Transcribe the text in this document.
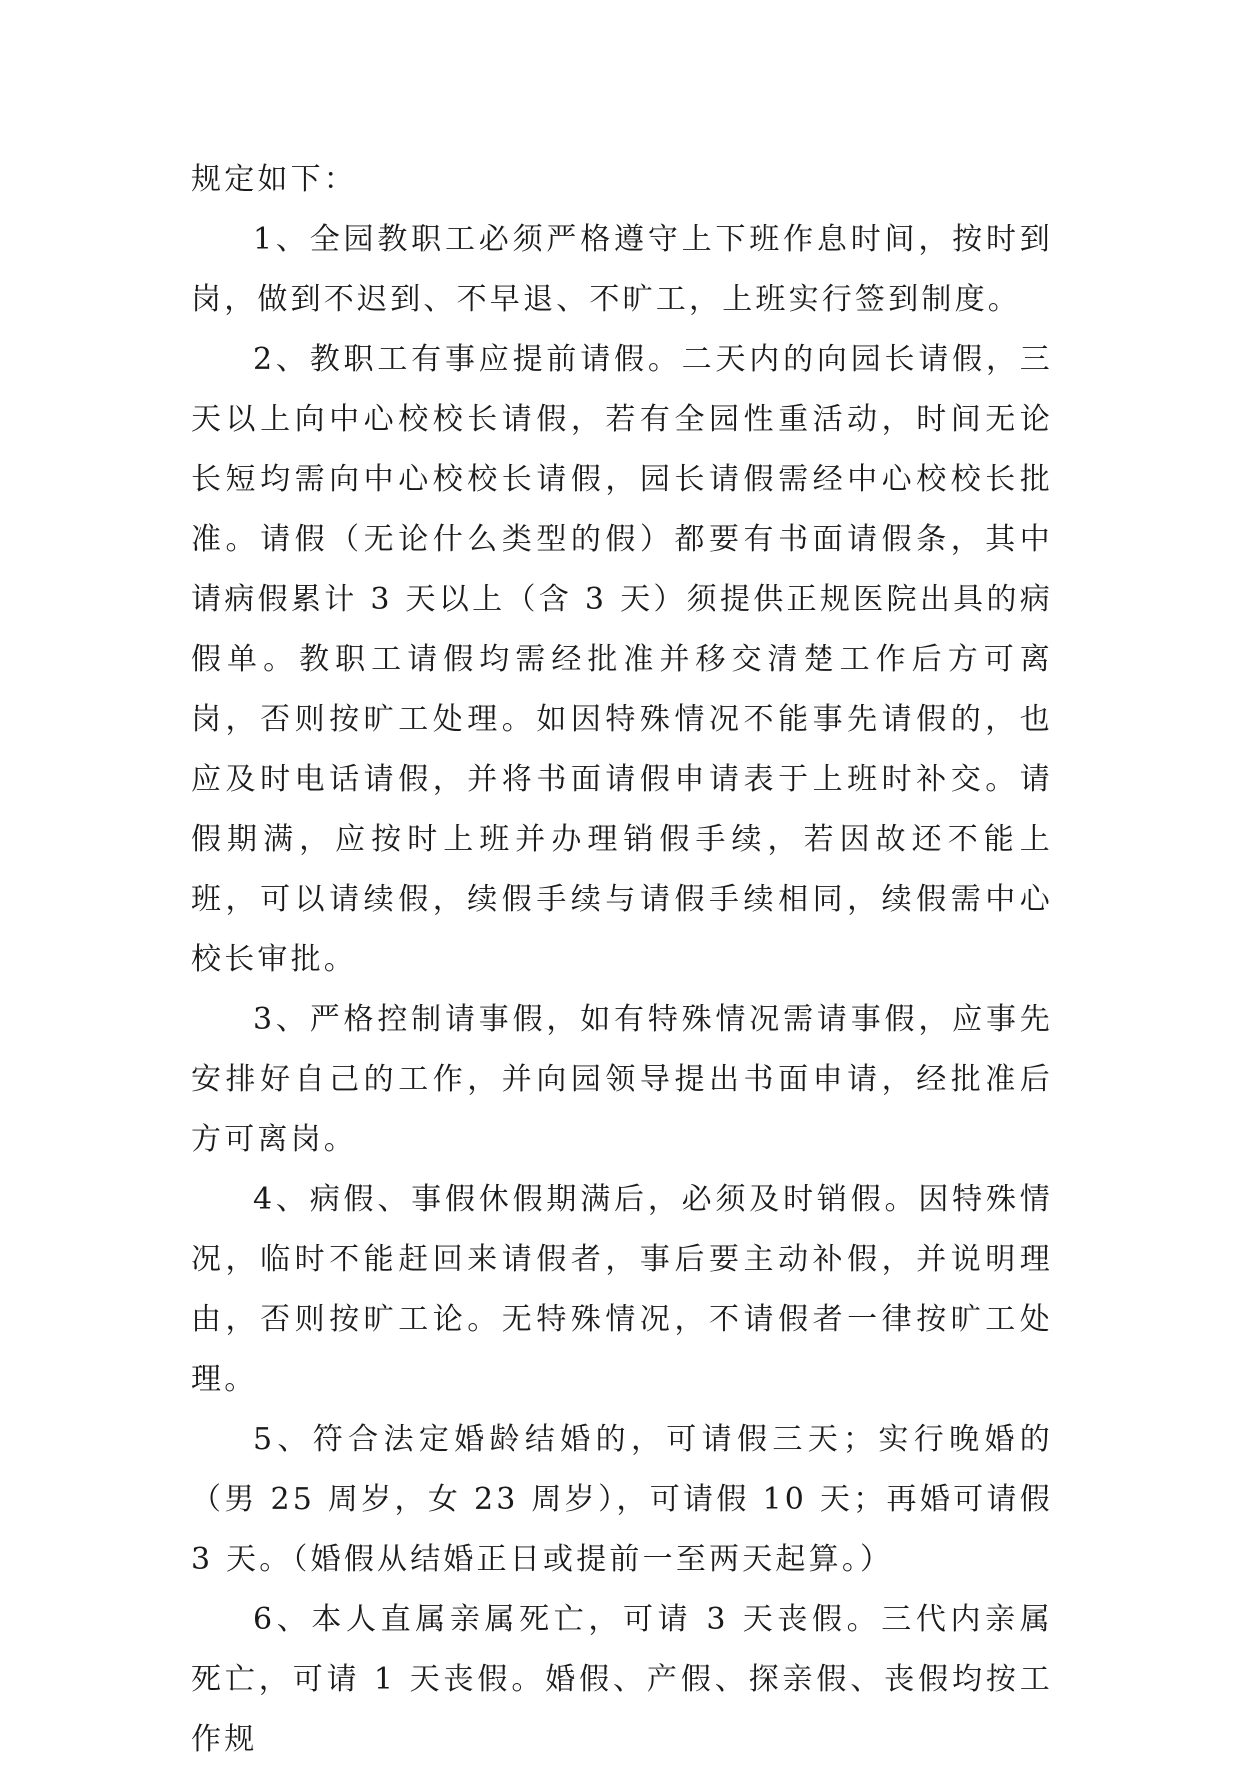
规定如下：

1、全园教职工必须严格遵守上下班作息时间，按时到岗，做到不迟到、不早退、不旷工，上班实行签到制度。

2、教职工有事应提前请假。二天内的向园长请假，三天以上向中心校校长请假，若有全园性重活动，时间无论长短均需向中心校校长请假，园长请假需经中心校校长批准。请假（无论什么类型的假）都要有书面请假条，其中请病假累计 3 天以上（含 3 天）须提供正规医院出具的病假单。教职工请假均需经批准并移交清楚工作后方可离岗，否则按旷工处理。如因特殊情况不能事先请假的，也应及时电话请假，并将书面请假申请表于上班时补交。请假期满，应按时上班并办理销假手续，若因故还不能上班，可以请续假，续假手续与请假手续相同，续假需中心校长审批。

3、严格控制请事假，如有特殊情况需请事假，应事先安排好自己的工作，并向园领导提出书面申请，经批准后方可离岗。

4、病假、事假休假期满后，必须及时销假。因特殊情况，临时不能赶回来请假者，事后要主动补假，并说明理由，否则按旷工论。无特殊情况，不请假者一律按旷工处理。

5、符合法定婚龄结婚的，可请假三天；实行晚婚的（男 25 周岁，女 23 周岁），可请假 10 天；再婚可请假 3 天。（婚假从结婚正日或提前一至两天起算。）

6、本人直属亲属死亡，可请 3 天丧假。三代内亲属死亡，可请 1 天丧假。婚假、产假、探亲假、丧假均按工作规
